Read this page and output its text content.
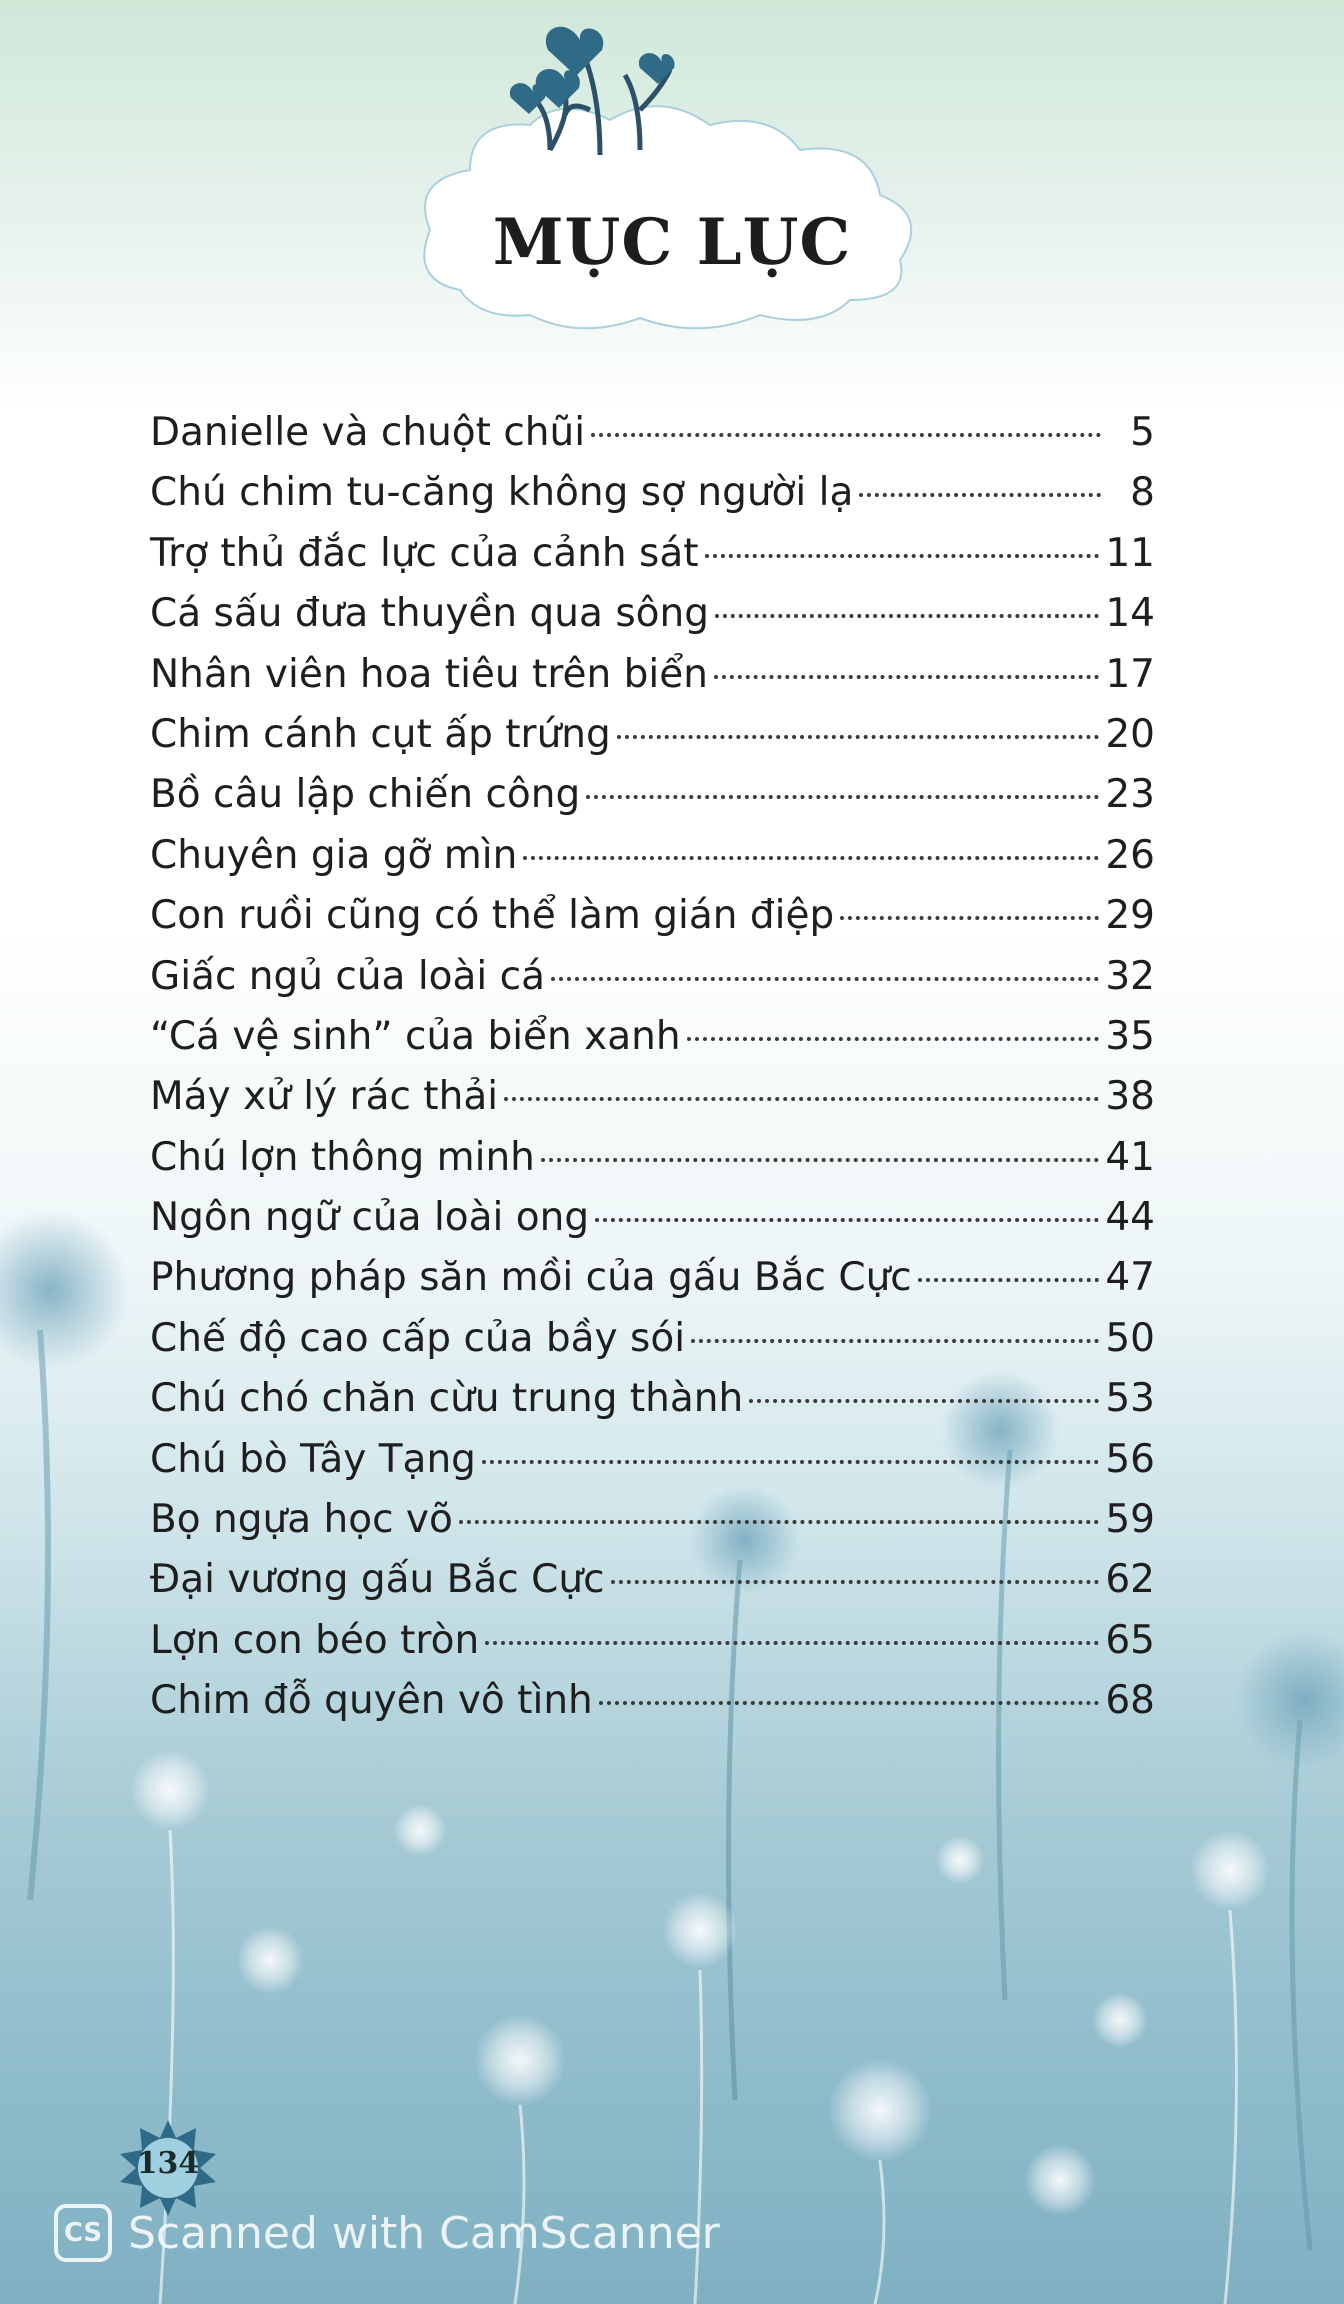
MỤC LỤC
Danielle và chuột chũi	5
Chú chim tu-căng không sợ người lạ	8
Trợ thủ đắc lực của cảnh sát	11
Cá sấu đưa thuyền qua sông	14
Nhân viên hoa tiêu trên biển	17
Chim cánh cụt ấp trứng	20
Bồ câu lập chiến công	23
Chuyên gia gỡ mìn	26
Con ruồi cũng có thể làm gián điệp	29
Giấc ngủ của loài cá	32
“Cá vệ sinh” của biển xanh	35
Máy xử lý rác thải	38
Chú lợn thông minh	41
Ngôn ngữ của loài ong	44
Phương pháp săn mồi của gấu Bắc Cực	47
Chế độ cao cấp của bầy sói	50
Chú chó chăn cừu trung thành	53
Chú bò Tây Tạng	56
Bọ ngựa học võ	59
Đại vương gấu Bắc Cực	62
Lợn con béo tròn	65
Chim đỗ quyên vô tình	68
134
CS Scanned with CamScanner
